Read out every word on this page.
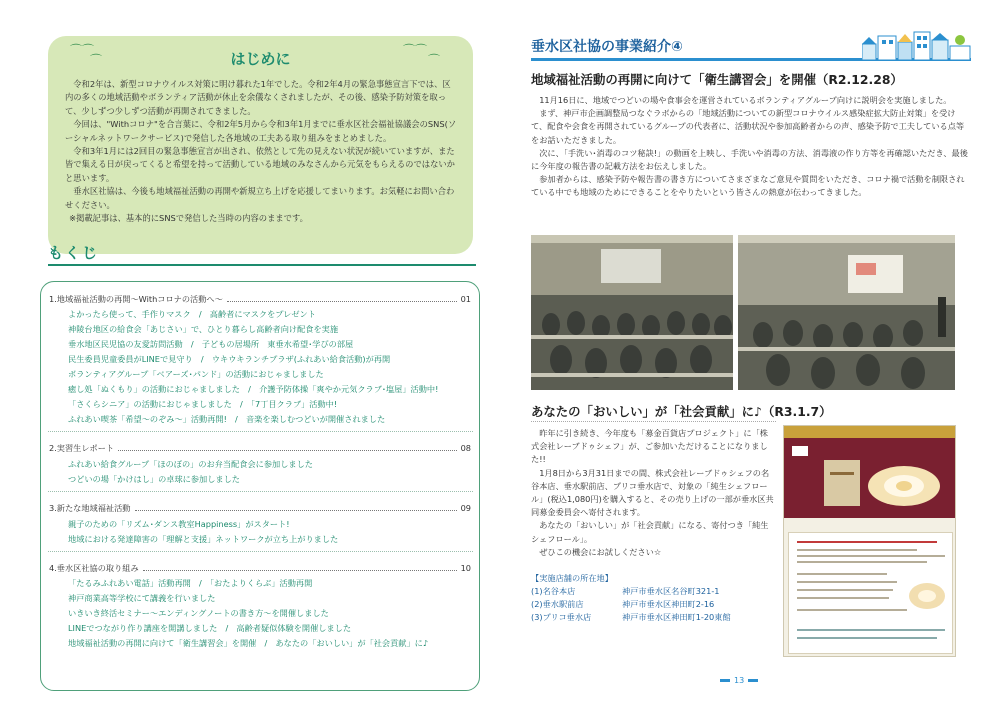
⌒⌒
⌒
⌒⌒
⌒
はじめに

令和2年は、新型コロナウイルス対策に明け暮れた1年でした。令和2年4月の緊急事態宣言下では、区内の多くの地域活動やボランティア活動が休止を余儀なくされましたが、その後、感染予防対策を取って、少しずつ少しずつ活動が再開されてきました。

今回は、"Withコロナ"を合言葉に、令和2年5月から令和3年1月までに垂水区社会福祉協議会のSNS(ソーシャルネットワークサービス)で発信した各地域の工夫ある取り組みをまとめました。

令和3年1月には2回目の緊急事態宣言が出され、依然として先の見えない状況が続いていますが、また皆で集える日が戻ってくると希望を持って活動している地域のみなさんから元気をもらえるのではないかと思います。

垂水区社協は、今後も地域福祉活動の再開や新規立ち上げを応援してまいります。お気軽にお問い合わせください。

※掲載記事は、基本的にSNSで発信した当時の内容のままです。

もくじ
1.地域福祉活動の再開～Withコロナの活動へ～	01
よかったら使って、手作りマスク　/　高齢者にマスクをプレゼント
神陵台地区の給食会「あじさい」で、ひとり暮らし高齢者向け配食を実施
垂水地区民児協の友愛訪問活動　/　子どもの居場所　東垂水希望･学びの部屋
民生委員児童委員がLINEで見守り　/　ウキウキランチプラザ(ふれあい給食活動)が再開
ボランティアグループ「ベアーズ･パンド」の活動におじゃましました
癒し処「ぬくもり」の活動におじゃましました　/　介護予防体操「爽やか元気クラブ･塩屋」活動中!
「さくらシニア」の活動におじゃましました　/　「7丁目クラブ」活動中!
ふれあい喫茶「希望～のぞみ～」活動再開!　/　音楽を楽しむつどいが開催されました
2.実習生レポート	08
ふれあい給食グループ「ほのぼの」のお弁当配食会に参加しました
つどいの場「かけはし」の卓球に参加しました
3.新たな地域福祉活動	09
親子のための「リズム･ダンス教室Happiness」がスタート!
地域における発達障害の「理解と支援」ネットワークが立ち上がりました
4.垂水区社協の取り組み	10
「たるみふれあい電話」活動再開　/　「おたよりくらぶ」活動再開
神戸商業高等学校にて講義を行いました
いきいき終活セミナー～エンディングノートの書き方～を開催しました
LINEでつながり作り講座を開講しました　/　高齢者疑似体験を開催しました
地域福祉活動の再開に向けて「衛生講習会」を開催　/　あなたの「おいしい」が「社会貢献」に♪
垂水区社協の事業紹介④
地域福祉活動の再開に向けて「衛生講習会」を開催（R2.12.28）

11月16日に、地域でつどいの場や食事会を運営されているボランティアグループ向けに説明会を実施しました。

まず、神戸市企画調整局つなぐラボからの「地域活動についての新型コロナウイルス感染症拡大防止対策」を受けて、配食や会食を再開されているグループの代表者に、活動状況や参加高齢者からの声、感染予防で工夫している点等をお話いただきました。

次に、「手洗い･消毒のコツ秘訣!」の動画を上映し、手洗いや消毒の方法、消毒液の作り方等を再確認いただき、最後に今年度の報告書の記載方法をお伝えしました。

参加者からは、感染予防や報告書の書き方についてさまざまなご意見や質問をいただき、コロナ禍で活動を制限されている中でも地域のためにできることをやりたいという皆さんの熱意が伝わってきました。

あなたの「おいしい」が「社会貢献」に♪（R3.1.7）

昨年に引き続き、今年度も「募金百貨店プロジェクト」に「株式会社レーブドゥシェフ」が、ご参加いただけることになりました!!

1月8日から3月31日までの間、株式会社レーブドゥシェフの名谷本店、垂水駅前店、プリコ垂水店で、対象の「純生シェフロール」(税込1,080円)を購入すると、その売り上げの一部が垂水区共同募金委員会へ寄付されます。

あなたの「おいしい」が「社会貢献」になる、寄付つき「純生シェフロール」。

ぜひこの機会にお試しください☆

【実施店舗の所在地】
(1)名谷本店	神戸市垂水区名谷町321-1
(2)垂水駅前店	神戸市垂水区神田町2-16
(3)プリコ垂水店	神戸市垂水区神田町1-20東館
13
